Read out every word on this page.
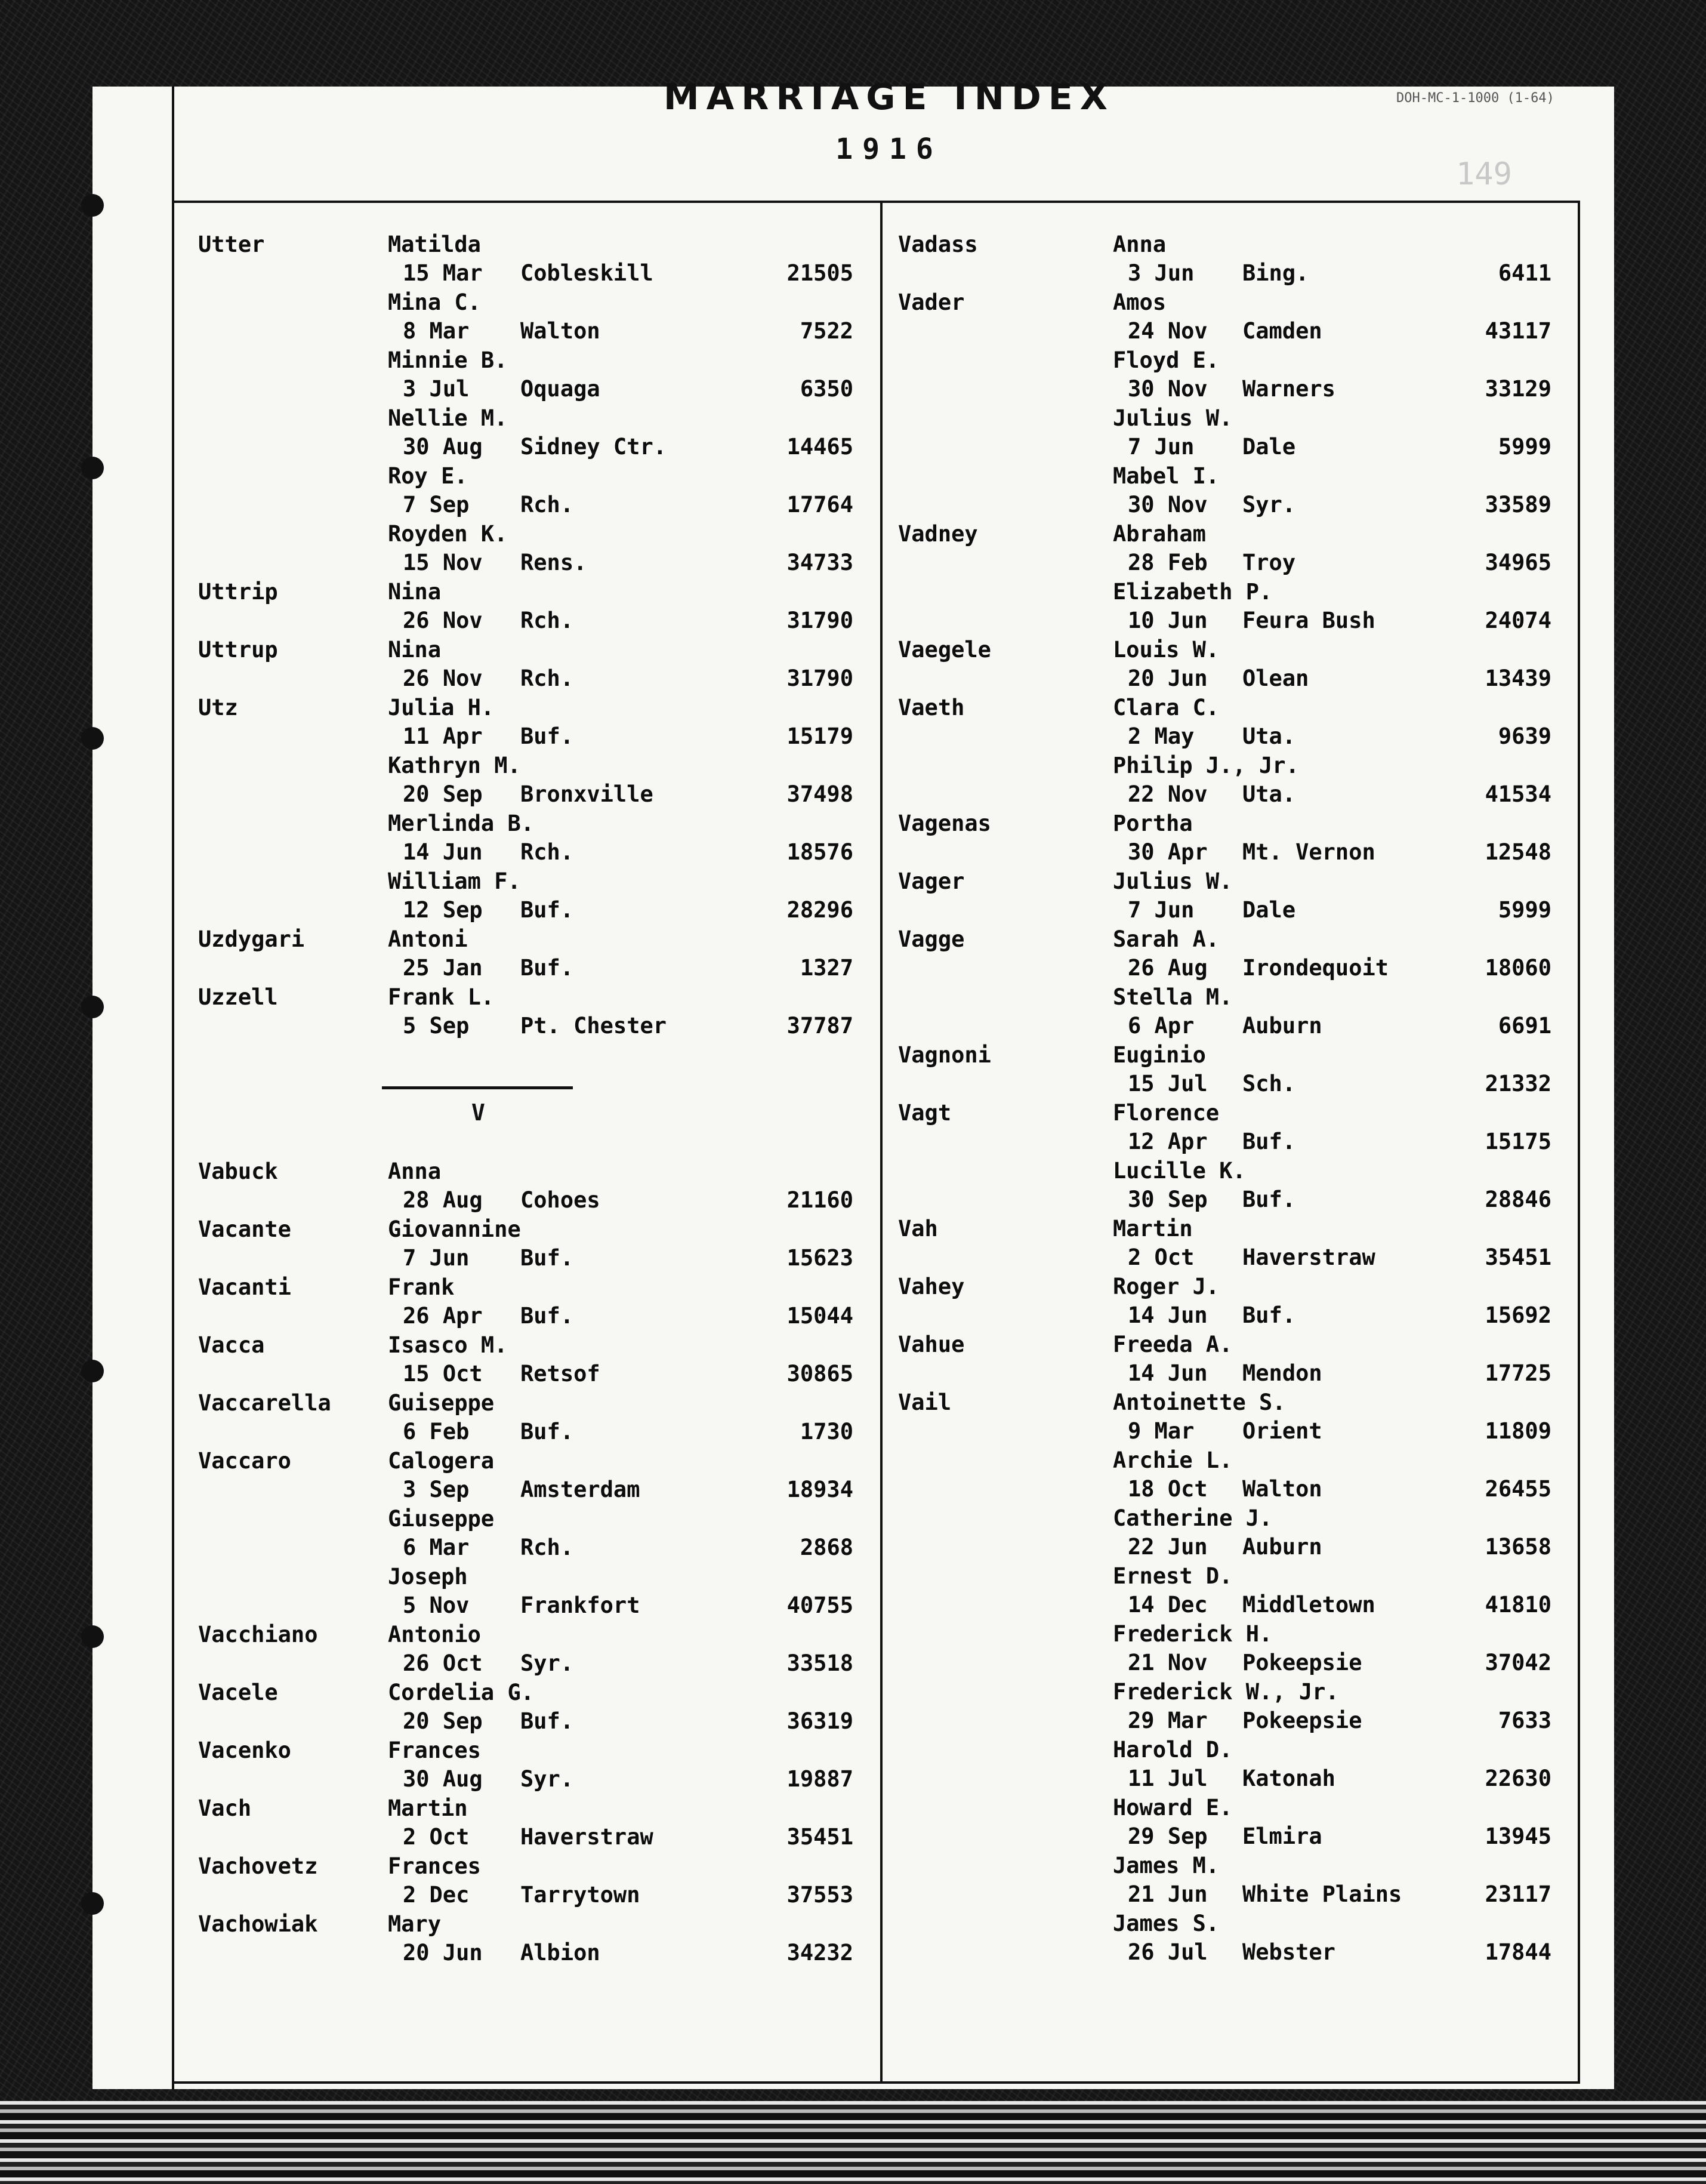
MARRIAGE INDEX
1916
DOH-MC-1-1000 (1-64)
149
V
Utter	Matilda
15 Mar Cobleskill	21505
Mina C.
8 Mar Walton	7522
Minnie B.
3 Jul Oquaga	6350
Nellie M.
30 Aug Sidney Ctr.	14465
Roy E.
7 Sep Rch.	17764
Royden K.
15 Nov Rens.	34733
Uttrip	Nina
26 Nov Rch.	31790
Uttrup	Nina
26 Nov Rch.	31790
Utz	Julia H.
11 Apr Buf.	15179
Kathryn M.
20 Sep Bronxville	37498
Merlinda B.
14 Jun Rch.	18576
William F.
12 Sep Buf.	28296
Uzdygari	Antoni
25 Jan Buf.	1327
Uzzell	Frank L.
5 Sep Pt. Chester	37787
Vabuck	Anna
28 Aug Cohoes	21160
Vacante	Giovannine
7 Jun Buf.	15623
Vacanti	Frank
26 Apr Buf.	15044
Vacca	Isasco M.
15 Oct Retsof	30865
Vaccarella	Guiseppe
6 Feb Buf.	1730
Vaccaro	Calogera
3 Sep Amsterdam	18934
Giuseppe
6 Mar Rch.	2868
Joseph
5 Nov Frankfort	40755
Vacchiano	Antonio
26 Oct Syr.	33518
Vacele	Cordelia G.
20 Sep Buf.	36319
Vacenko	Frances
30 Aug Syr.	19887
Vach	Martin
2 Oct Haverstraw	35451
Vachovetz	Frances
2 Dec Tarrytown	37553
Vachowiak	Mary
20 Jun Albion	34232
Vadass	Anna
3 Jun Bing.	6411
Vader	Amos
24 Nov Camden	43117
Floyd E.
30 Nov Warners	33129
Julius W.
7 Jun Dale	5999
Mabel I.
30 Nov Syr.	33589
Vadney	Abraham
28 Feb Troy	34965
Elizabeth P.
10 Jun Feura Bush	24074
Vaegele	Louis W.
20 Jun Olean	13439
Vaeth	Clara C.
2 May Uta.	9639
Philip J., Jr.
22 Nov Uta.	41534
Vagenas	Portha
30 Apr Mt. Vernon	12548
Vager	Julius W.
7 Jun Dale	5999
Vagge	Sarah A.
26 Aug Irondequoit	18060
Stella M.
6 Apr Auburn	6691
Vagnoni	Euginio
15 Jul Sch.	21332
Vagt	Florence
12 Apr Buf.	15175
Lucille K.
30 Sep Buf.	28846
Vah	Martin
2 Oct Haverstraw	35451
Vahey	Roger J.
14 Jun Buf.	15692
Vahue	Freeda A.
14 Jun Mendon	17725
Vail	Antoinette S.
9 Mar Orient	11809
Archie L.
18 Oct Walton	26455
Catherine J.
22 Jun Auburn	13658
Ernest D.
14 Dec Middletown	41810
Frederick H.
21 Nov Pokeepsie	37042
Frederick W., Jr.
29 Mar Pokeepsie	7633
Harold D.
11 Jul Katonah	22630
Howard E.
29 Sep Elmira	13945
James M.
21 Jun White Plains	23117
James S.
26 Jul Webster	17844
